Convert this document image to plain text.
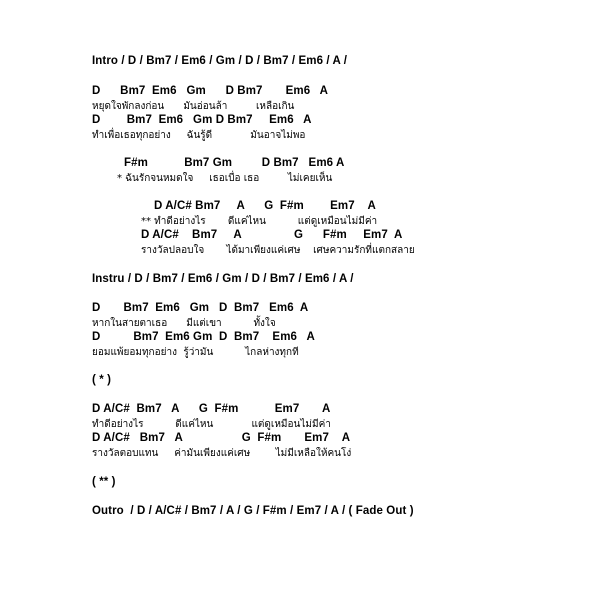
Intro / D / Bm7 / Em6 / Gm / D / Bm7 / Em6 / A /
D      Bm7  Em6   Gm      D Bm7       Em6   A
หยุดใจพักลงก่อน      มันอ่อนล้า         เหลือเกิน
D        Bm7  Em6   Gm D Bm7     Em6   A
ทำเพื่อเธอทุกอย่าง     ฉันรู้ดี            มันอาจไม่พอ
F#m           Bm7 Gm         D Bm7   Em6 A
* ฉันรักจนหมดใจ     เธอเบื่อ เธอ         ไม่เคยเห็น
D A/C# Bm7     A      G  F#m        Em7    A
** ทำดีอย่างไร       ดีแค่ไหน          แต่ดูเหมือนไม่มีค่า
D A/C#    Bm7     A                G      F#m     Em7  A
รางวัลปลอบใจ       ได้มาเพียงแค่เศษ    เศษความรักที่แตกสลาย
Instru / D / Bm7 / Em6 / Gm / D / Bm7 / Em6 / A /
D       Bm7  Em6   Gm   D  Bm7   Em6  A
หากในสายตาเธอ      มีแต่เขา          ทั้งใจ
D          Bm7  Em6 Gm  D  Bm7    Em6   A
ยอมแพ้ยอมทุกอย่าง  รู้ว่ามัน          ไกลห่างทุกที
( * )
D A/C#  Bm7   A      G  F#m           Em7       A
ทำดีอย่างไร          ดีแค่ไหน            แต่ดูเหมือนไม่มีค่า
D A/C#   Bm7   A                  G  F#m       Em7    A
รางวัลตอบแทน     ค่ามันเพียงแค่เศษ        ไม่มีเหลือให้คนโง่
( ** )
Outro  / D / A/C# / Bm7 / A / G / F#m / Em7 / A / ( Fade Out )
